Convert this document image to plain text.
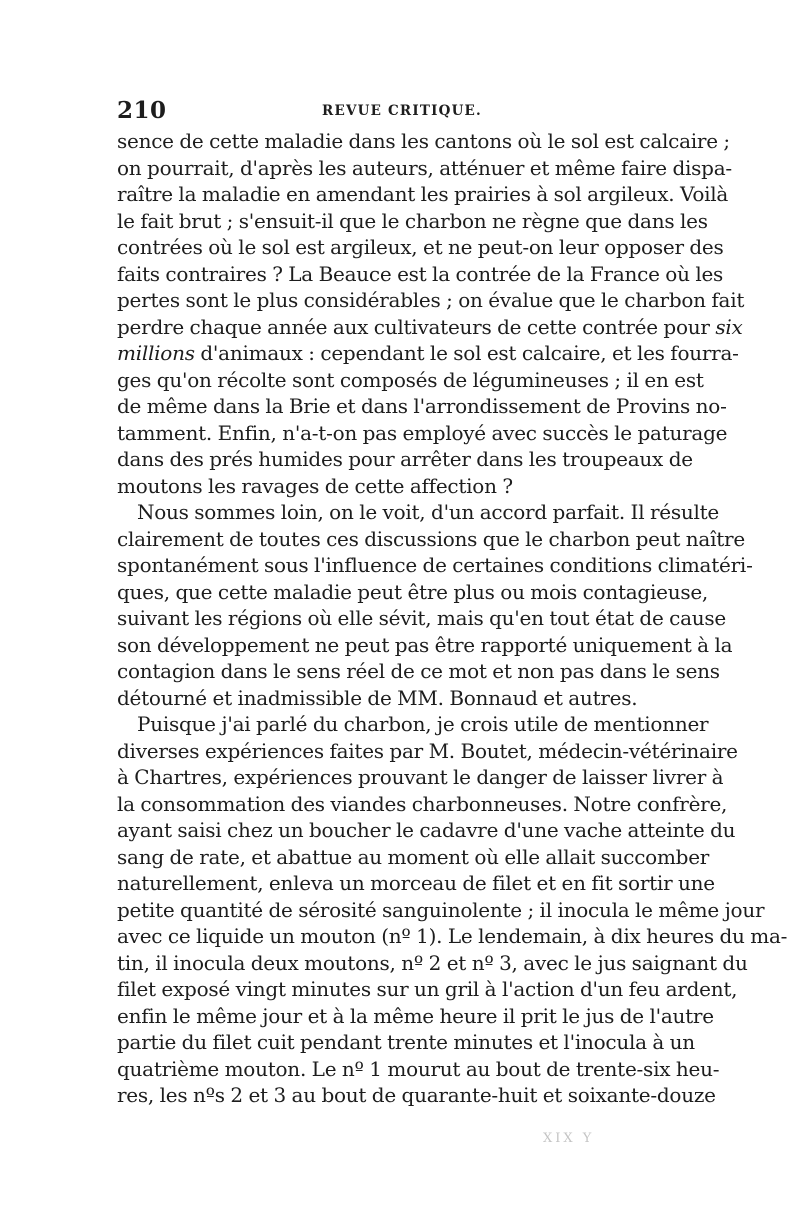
210	REVUE CRITIQUE.
sence de cette maladie dans les cantons où le sol est calcaire ;
on pourrait, d'après les auteurs, atténuer et même faire dispa-
raître la maladie en amendant les prairies à sol argileux. Voilà
le fait brut ; s'ensuit-il que le charbon ne règne que dans les
contrées où le sol est argileux, et ne peut-on leur opposer des
faits contraires ? La Beauce est la contrée de la France où les
pertes sont le plus considérables ; on évalue que le charbon fait
perdre chaque année aux cultivateurs de cette contrée pour six
millions d'animaux : cependant le sol est calcaire, et les fourra-
ges qu'on récolte sont composés de légumineuses ; il en est
de même dans la Brie et dans l'arrondissement de Provins no-
tamment. Enfin, n'a-t-on pas employé avec succès le paturage
dans des prés humides pour arrêter dans les troupeaux de
moutons les ravages de cette affection ?
Nous sommes loin, on le voit, d'un accord parfait. Il résulte
clairement de toutes ces discussions que le charbon peut naître
spontanément sous l'influence de certaines conditions climatéri-
ques, que cette maladie peut être plus ou mois contagieuse,
suivant les régions où elle sévit, mais qu'en tout état de cause
son développement ne peut pas être rapporté uniquement à la
contagion dans le sens réel de ce mot et non pas dans le sens
détourné et inadmissible de MM. Bonnaud et autres.
Puisque j'ai parlé du charbon, je crois utile de mentionner
diverses expériences faites par M. Boutet, médecin-vétérinaire
à Chartres, expériences prouvant le danger de laisser livrer à
la consommation des viandes charbonneuses. Notre confrère,
ayant saisi chez un boucher le cadavre d'une vache atteinte du
sang de rate, et abattue au moment où elle allait succomber
naturellement, enleva un morceau de filet et en fit sortir une
petite quantité de sérosité sanguinolente ; il inocula le même jour
avec ce liquide un mouton (nº 1). Le lendemain, à dix heures du ma-
tin, il inocula deux moutons, nº 2 et nº 3, avec le jus saignant du
filet exposé vingt minutes sur un gril à l'action d'un feu ardent,
enfin le même jour et à la même heure il prit le jus de l'autre
partie du filet cuit pendant trente minutes et l'inocula à un
quatrième mouton. Le nº 1 mourut au bout de trente-six heu-
res, les nºs 2 et 3 au bout de quarante-huit et soixante-douze
XIX Y
